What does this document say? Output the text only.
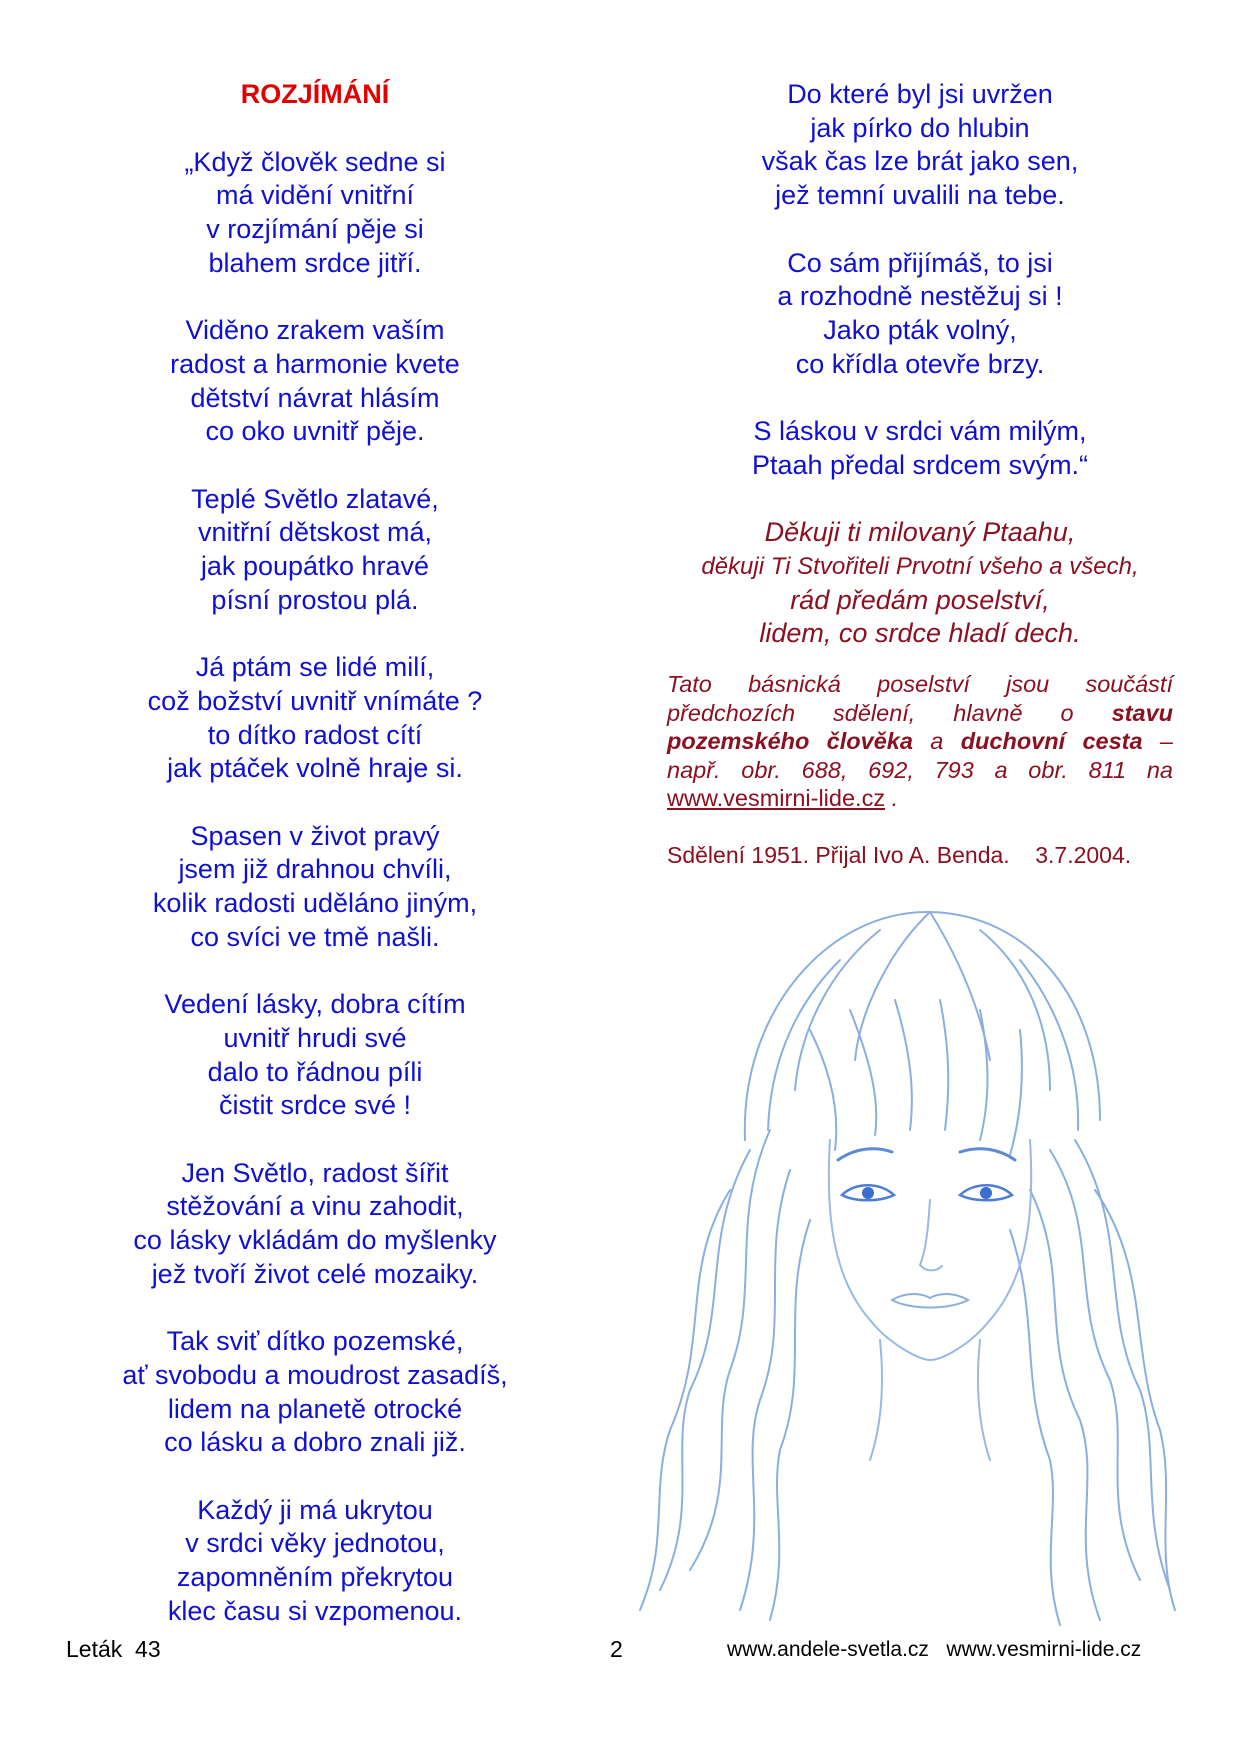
ROZJÍMÁNÍ
„Když člověk sedne si
má vidění vnitřní
v rozjímání pěje si
blahem srdce jitří.
Viděno zrakem vaším
radost a harmonie kvete
dětství návrat hlásím
co oko uvnitř pěje.
Teplé Světlo zlatavé,
vnitřní dětskost má,
jak poupátko hravé
písní prostou plá.
Já ptám se lidé milí,
což božství uvnitř vnímáte ?
to dítko radost cítí
jak ptáček volně hraje si.
Spasen v život pravý
jsem již drahnou chvíli,
kolik radosti uděláno jiným,
co svíci ve tmě našli.
Vedení lásky, dobra cítím
uvnitř hrudi své
dalo to řádnou píli
čistit srdce své !
Jen Světlo, radost šířit
stěžování a vinu zahodit,
co lásky vkládám do myšlenky
jež tvoří život celé mozaiky.
Tak sviť dítko pozemské,
ať svobodu a moudrost zasadíš,
lidem na planetě otrocké
co lásku a dobro znali již.
Každý ji má ukrytou
v srdci věky jednotou,
zapomněním překrytou
klec času si vzpomenou.
Do které byl jsi uvržen
jak pírko do hlubin
však čas lze brát jako sen,
jež temní uvalili na tebe.
Co sám přijímáš, to jsi
a rozhodně nestěžuj si !
Jako pták volný,
co křídla otevře brzy.
S láskou v srdci vám milým,
Ptaah předal srdcem svým.“
Děkuji ti milovaný Ptaahu,
děkuji Ti Stvořiteli Prvotní všeho a všech,
rád předám poselství,
lidem, co srdce hladí dech.
Tato básnická poselství jsou součástí předchozích sdělení, hlavně o stavu pozemského člověka a duchovní cesta – např. obr. 688, 692, 793 a obr. 811 na www.vesmirni-lide.cz .
Sdělení 1951. Přijal Ivo A. Benda.    3.7.2004.
Leták  43	2	www.andele-svetla.cz   www.vesmirni-lide.cz
